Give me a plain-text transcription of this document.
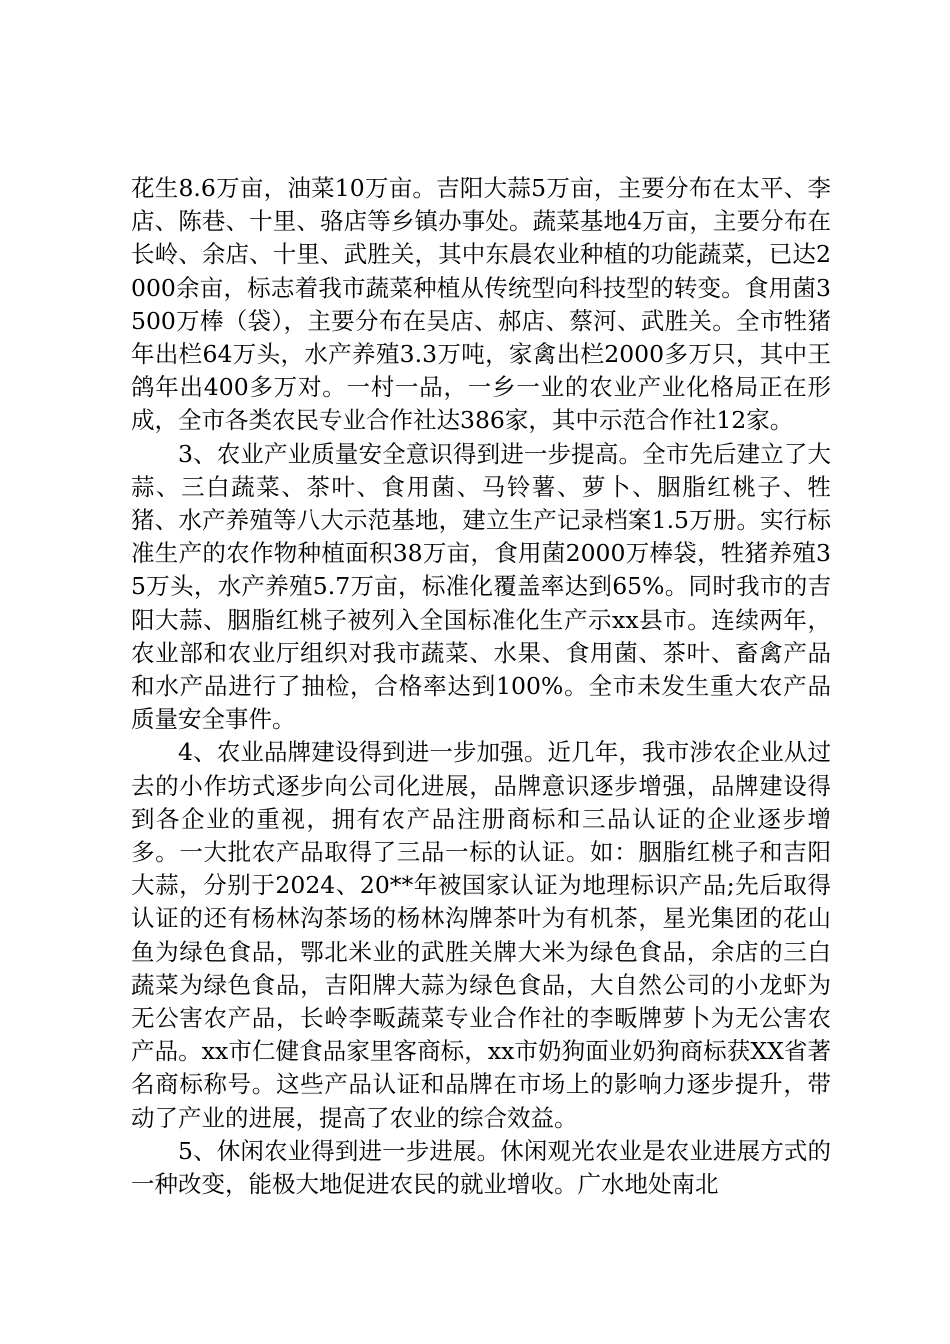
花生8.6万亩，油菜10万亩。吉阳大蒜5万亩，主要分布在太平、李店、陈巷、十里、骆店等乡镇办事处。蔬菜基地4万亩，主要分布在长岭、余店、十里、武胜关，其中东晨农业种植的功能蔬菜，已达2000余亩，标志着我市蔬菜种植从传统型向科技型的转变。食用菌3500万棒（袋），主要分布在吴店、郝店、蔡河、武胜关。全市牲猪年出栏64万头，水产养殖3.3万吨，家禽出栏2000多万只，其中王鸽年出400多万对。一村一品，一乡一业的农业产业化格局正在形成，全市各类农民专业合作社达386家，其中示范合作社12家。

3、农业产业质量安全意识得到进一步提高。全市先后建立了大蒜、三白蔬菜、茶叶、食用菌、马铃薯、萝卜、胭脂红桃子、牲猪、水产养殖等八大示范基地，建立生产记录档案1.5万册。实行标准生产的农作物种植面积38万亩，食用菌2000万棒袋，牲猪养殖35万头，水产养殖5.7万亩，标准化覆盖率达到65%。同时我市的吉阳大蒜、胭脂红桃子被列入全国标准化生产示xx县市。连续两年，农业部和农业厅组织对我市蔬菜、水果、食用菌、茶叶、畜禽产品和水产品进行了抽检，合格率达到100%。全市未发生重大农产品质量安全事件。

4、农业品牌建设得到进一步加强。近几年，我市涉农企业从过去的小作坊式逐步向公司化进展，品牌意识逐步增强，品牌建设得到各企业的重视，拥有农产品注册商标和三品认证的企业逐步增多。一大批农产品取得了三品一标的认证。如：胭脂红桃子和吉阳大蒜，分别于2024、20**年被国家认证为地理标识产品;先后取得认证的还有杨林沟茶场的杨林沟牌茶叶为有机茶，星光集团的花山鱼为绿色食品，鄂北米业的武胜关牌大米为绿色食品，余店的三白蔬菜为绿色食品，吉阳牌大蒜为绿色食品，大自然公司的小龙虾为无公害农产品，长岭李畈蔬菜专业合作社的李畈牌萝卜为无公害农产品。xx市仁健食品家里客商标，xx市奶狗面业奶狗商标获XX省著名商标称号。这些产品认证和品牌在市场上的影响力逐步提升，带动了产业的进展，提高了农业的综合效益。

5、休闲农业得到进一步进展。休闲观光农业是农业进展方式的一种改变，能极大地促进农民的就业增收。广水地处南北
